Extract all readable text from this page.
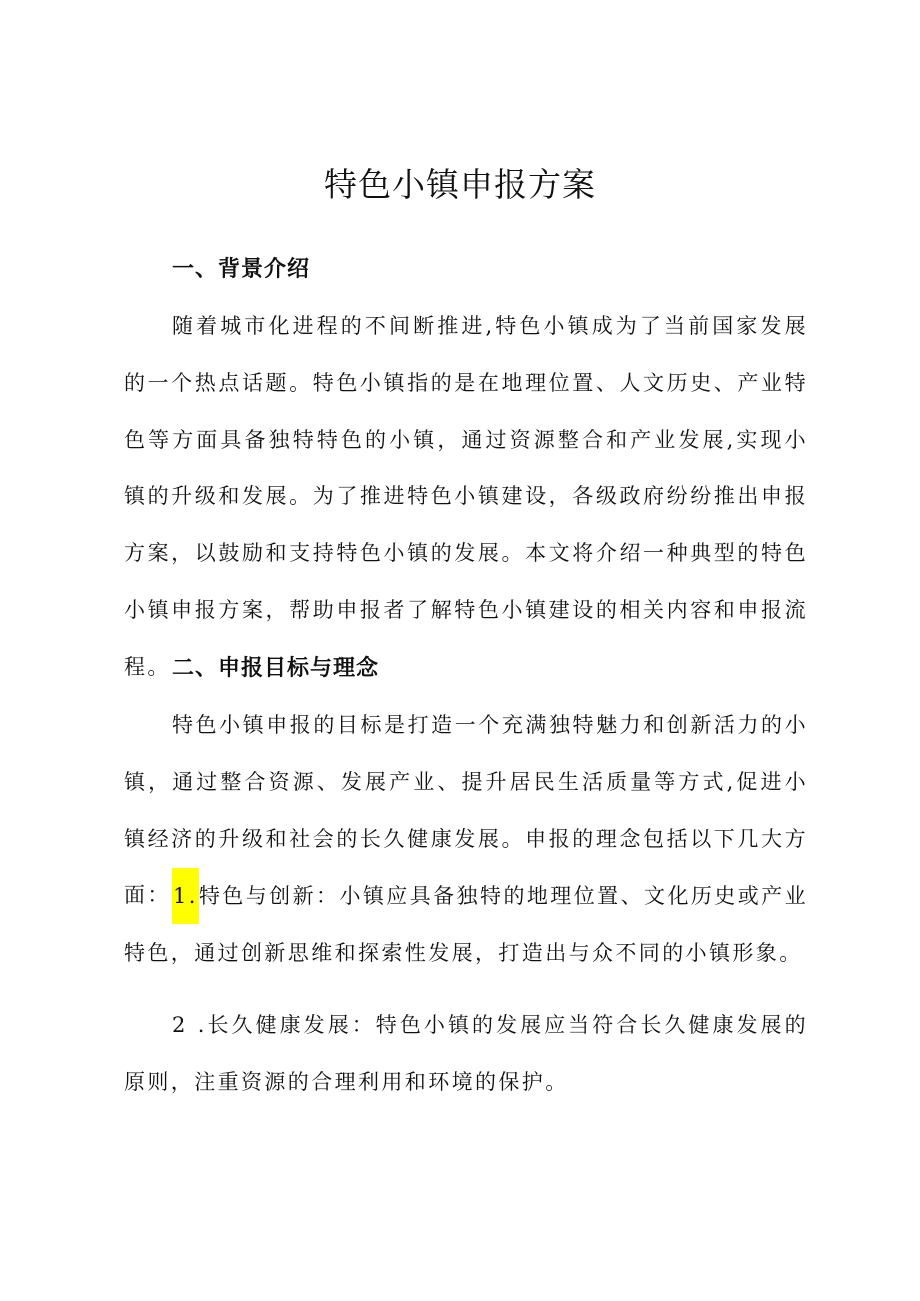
特色小镇申报方案
一、背景介绍

随着城市化进程的不间断推进,特色小镇成为了当前国家发展的一个热点话题。特色小镇指的是在地理位置、人文历史、产业特色等方面具备独特特色的小镇，通过资源整合和产业发展,实现小镇的升级和发展。为了推进特色小镇建设，各级政府纷纷推出申报方案，以鼓励和支持特色小镇的发展。本文将介绍一种典型的特色小镇申报方案，帮助申报者了解特色小镇建设的相关内容和申报流程。 二、申报目标与理念

特色小镇申报的目标是打造一个充满独特魅力和创新活力的小镇，通过整合资源、发展产业、提升居民生活质量等方式,促进小镇经济的升级和社会的长久健康发展。申报的理念包括以下几大方面： 1.特色与创新：小镇应具备独特的地理位置、文化历史或产业特色，通过创新思维和探索性发展，打造出与众不同的小镇形象。

2 .长久健康发展：特色小镇的发展应当符合长久健康发展的原则，注重资源的合理利用和环境的保护。
